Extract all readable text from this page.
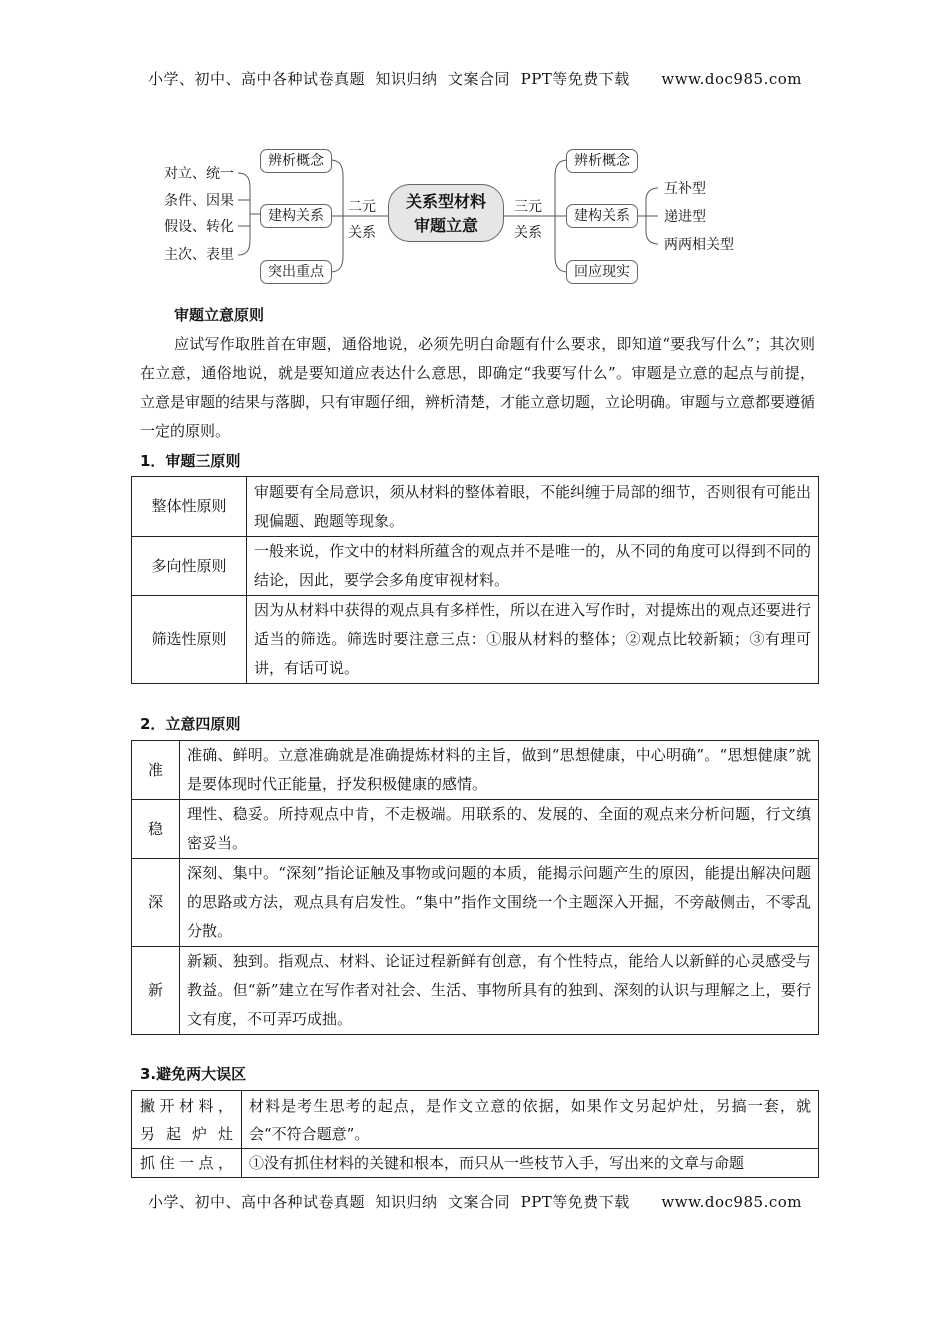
小学、初中、高中各种试卷真题  知识归纳  文案合同  PPT等免费下载      www.doc985.com
对立、统一
条件、因果
假设、转化
主次、表里
辨析概念
建构关系
突出重点
二元
关系
关系型材料
审题立意
三元
关系
辨析概念
建构关系
回应现实
互补型
递进型
两两相关型
审题立意原则
应试写作取胜首在审题，通俗地说，必须先明白命题有什么要求，即知道“要我写什么”；其次则在立意，通俗地说，就是要知道应表达什么意思，即确定“我要写什么”。审题是立意的起点与前提，立意是审题的结果与落脚，只有审题仔细，辨析清楚，才能立意切题，立论明确。审题与立意都要遵循一定的原则。
1．审题三原则
整体性原则	审题要有全局意识，须从材料的整体着眼，不能纠缠于局部的细节，否则很有可能出现偏题、跑题等现象。
多向性原则	一般来说，作文中的材料所蕴含的观点并不是唯一的，从不同的角度可以得到不同的结论，因此，要学会多角度审视材料。
筛选性原则	因为从材料中获得的观点具有多样性，所以在进入写作时，对提炼出的观点还要进行适当的筛选。筛选时要注意三点：①服从材料的整体；②观点比较新颖；③有理可讲，有话可说。
2．立意四原则
准	准确、鲜明。立意准确就是准确提炼材料的主旨，做到“思想健康，中心明确”。“思想健康”就是要体现时代正能量，抒发积极健康的感情。
稳	理性、稳妥。所持观点中肯，不走极端。用联系的、发展的、全面的观点来分析问题，行文缜密妥当。
深	深刻、集中。“深刻”指论证触及事物或问题的本质，能揭示问题产生的原因，能提出解决问题的思路或方法，观点具有启发性。“集中”指作文围绕一个主题深入开掘，不旁敲侧击，不零乱分散。
新	新颖、独到。指观点、材料、论证过程新鲜有创意，有个性特点，能给人以新鲜的心灵感受与教益。但“新”建立在写作者对社会、生活、事物所具有的独到、深刻的认识与理解之上，要行文有度，不可弄巧成拙。
3.避免两大误区
撇开材料，
另起炉灶	材料是考生思考的起点，是作文立意的依据，如果作文另起炉灶，另搞一套，就会“不符合题意”。

抓住一点，	①没有抓住材料的关键和根本，而只从一些枝节入手，写出来的文章与命题
小学、初中、高中各种试卷真题  知识归纳  文案合同  PPT等免费下载      www.doc985.com
